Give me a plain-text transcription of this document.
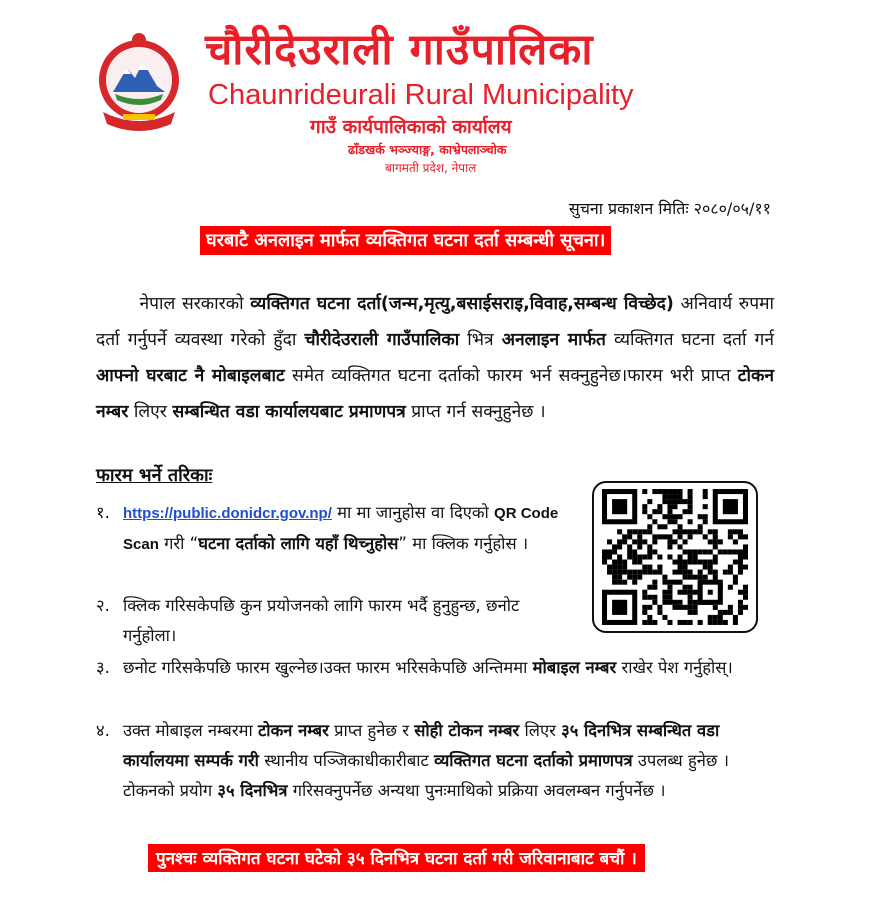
चौरीदेउराली गाउँपालिका
Chaunrideurali Rural Municipality
गाउँ कार्यपालिकाको कार्यालय
ढाँडखर्क भञ्ज्याङ्ग, काभ्रेपलाञ्चोक
बागमती प्रदेश, नेपाल
सुचना प्रकाशन मितिः २०८०/०५/११
घरबाटै अनलाइन मार्फत व्यक्तिगत घटना दर्ता सम्बन्धी सूचना।
   नेपाल सरकारको व्यक्तिगत घटना दर्ता(जन्म,मृत्यु,बसाईसराइ,विवाह,सम्बन्ध विच्छेद) अनिवार्य रुपमा दर्ता गर्नुपर्ने व्यवस्था गरेको हुँदा चौरीदेउराली गाउँपालिका भित्र अनलाइन मार्फत व्यक्तिगत घटना दर्ता गर्न आफ्नो घरबाट नै मोबाइलबाट समेत व्यक्तिगत घटना दर्ताको फारम भर्न सक्नुहुनेछ।फारम भरी प्राप्त टोकन नम्बर लिएर सम्बन्धित वडा कार्यालयबाट प्रमाणपत्र प्राप्त गर्न सक्नुहुनेछ ।
फारम भर्ने तरिकाः
१. https://public.donidcr.gov.np/ मा मा जानुहोस वा दिएको QR Code Scan गरी “घटना दर्ताको लागि यहाँ थिच्नुहोस” मा क्लिक गर्नुहोस ।
२. क्लिक गरिसकेपछि कुन प्रयोजनको लागि फारम भर्दै हुनुहुन्छ, छनोट गर्नुहोला।
३. छनोट गरिसकेपछि फारम खुल्नेछ।उक्त फारम भरिसकेपछि अन्तिममा मोबाइल नम्बर राखेर पेश गर्नुहोस्।
४. उक्त मोबाइल नम्बरमा टोकन नम्बर प्राप्त हुनेछ र सोही टोकन नम्बर लिएर ३५ दिनभित्र सम्बन्धित वडा कार्यालयमा सम्पर्क गरी स्थानीय पञ्जिकाधीकारीबाट व्यक्तिगत घटना दर्ताको प्रमाणपत्र उपलब्ध हुनेछ ।टोकनको प्रयोग ३५ दिनभित्र गरिसक्नुपर्नेछ अन्यथा पुनःमाथिको प्रक्रिया अवलम्बन गर्नुपर्नेछ ।
पुनश्चः व्यक्तिगत घटना घटेको ३५ दिनभित्र घटना दर्ता गरी जरिवानाबाट बचौं ।
